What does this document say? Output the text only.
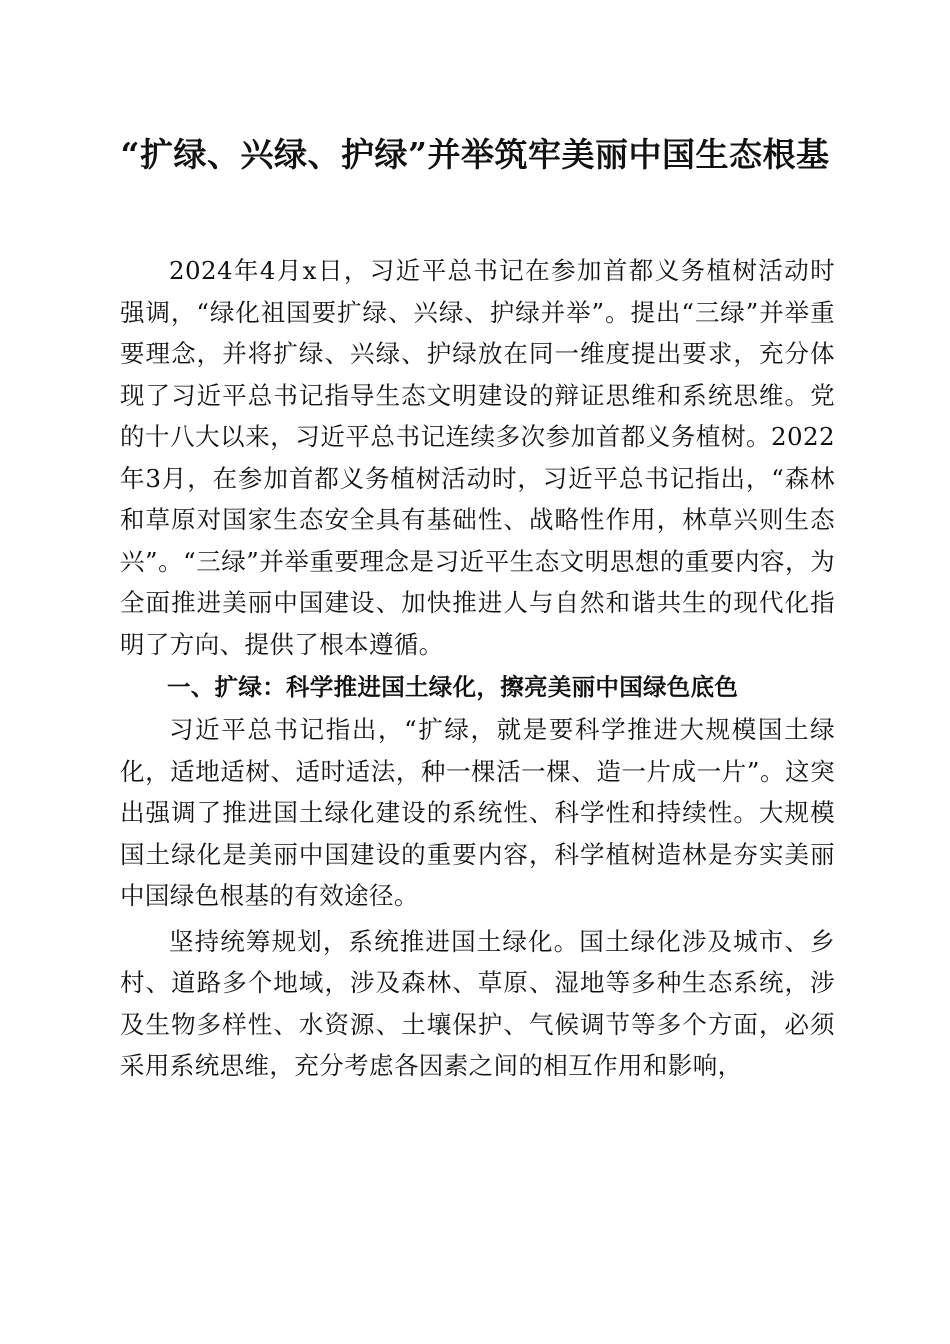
“扩绿、兴绿、护绿”并举筑牢美丽中国生态根基

2024年4月x日，习近平总书记在参加首都义务植树活动时强调，“绿化祖国要扩绿、兴绿、护绿并举”。提出“三绿”并举重要理念，并将扩绿、兴绿、护绿放在同一维度提出要求，充分体现了习近平总书记指导生态文明建设的辩证思维和系统思维。党的十八大以来，习近平总书记连续多次参加首都义务植树。2022年3月，在参加首都义务植树活动时，习近平总书记指出，“森林和草原对国家生态安全具有基础性、战略性作用，林草兴则生态兴”。“三绿”并举重要理念是习近平生态文明思想的重要内容，为全面推进美丽中国建设、加快推进人与自然和谐共生的现代化指明了方向、提供了根本遵循。

一、扩绿：科学推进国土绿化，擦亮美丽中国绿色底色

习近平总书记指出，“扩绿，就是要科学推进大规模国土绿化，适地适树、适时适法，种一棵活一棵、造一片成一片”。这突出强调了推进国土绿化建设的系统性、科学性和持续性。大规模国土绿化是美丽中国建设的重要内容，科学植树造林是夯实美丽中国绿色根基的有效途径。

坚持统筹规划，系统推进国土绿化。国土绿化涉及城市、乡村、道路多个地域，涉及森林、草原、湿地等多种生态系统，涉及生物多样性、水资源、土壤保护、气候调节等多个方面，必须采用系统思维，充分考虑各因素之间的相互作用和影响，
